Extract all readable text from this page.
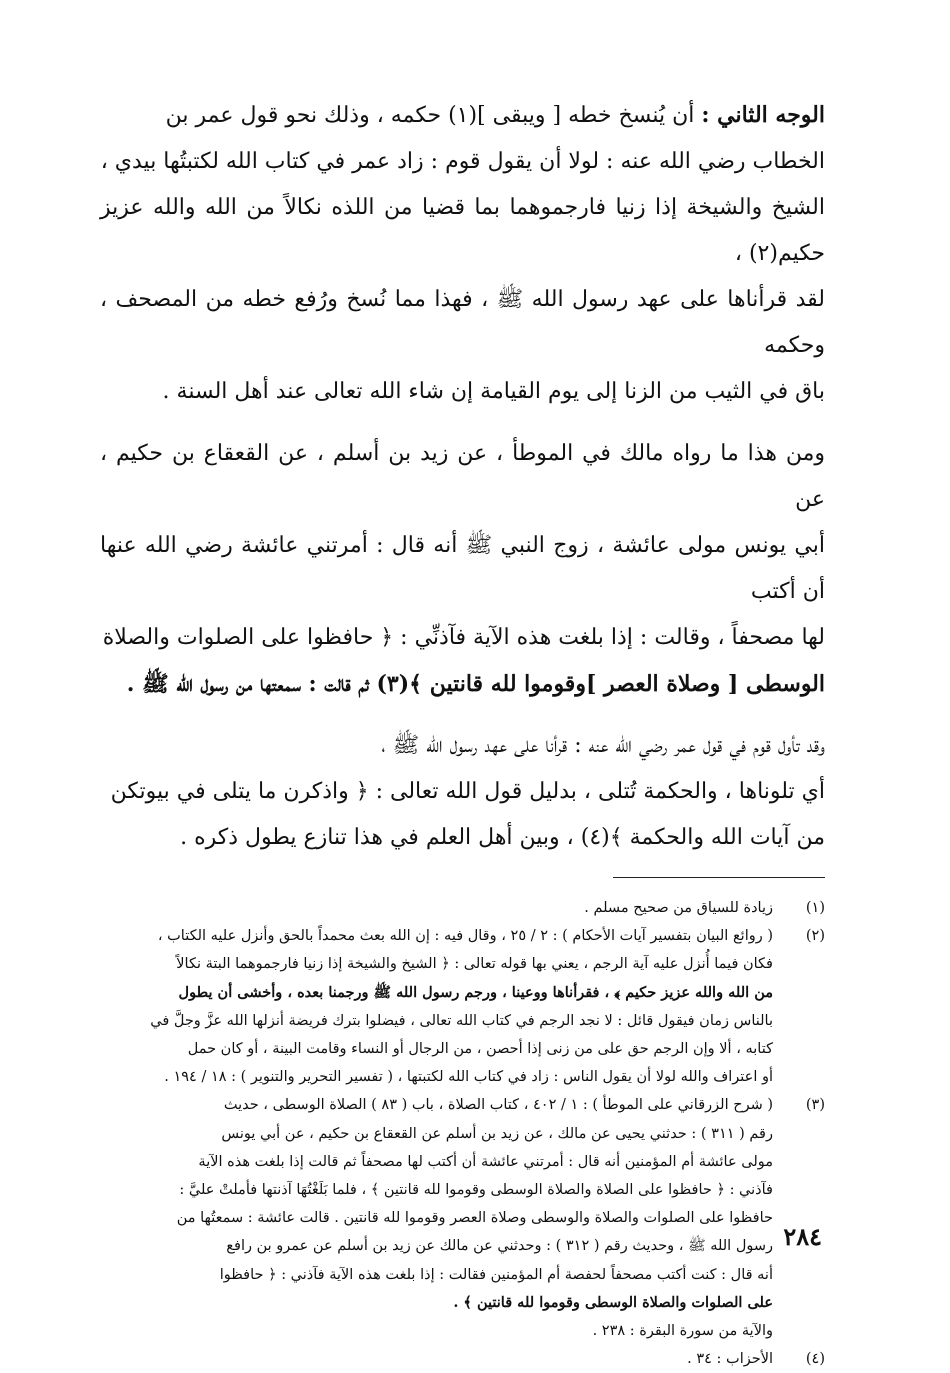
الوجه الثاني : أن يُنسخ خطه [ ويبقى ](١) حكمه ، وذلك نحو قول عمر بن
الخطاب رضي الله عنه : لولا أن يقول قوم : زاد عمر في كتاب الله لكتبتُها بيدي ،
الشيخ والشيخة إذا زنيا فارجموهما بما قضيا من اللذه نكالاً من الله والله عزيز حكيم(٢) ،
لقد قرأناها على عهد رسول الله ﷺ ، فهذا مما نُسخ ورُفع خطه من المصحف ، وحكمه
باق في الثيب من الزنا إلى يوم القيامة إن شاء الله تعالى عند أهل السنة .
ومن هذا ما رواه مالك في الموطأ ، عن زيد بن أسلم ، عن القعقاع بن حكيم ، عن
أبي يونس مولى عائشة ، زوج النبي ﷺ أنه قال : أمرتني عائشة رضي الله عنها أن أكتب
لها مصحفاً ، وقالت : إذا بلغت هذه الآية فآذنِّي : ﴿ حافظوا على الصلوات والصلاة
الوسطى [ وصلاة العصر ]وقوموا لله قانتين ﴾(٣) ثم قالت : سمعتها من رسول الله ﷺ .
وقد تأول قوم في قول عمر رضي الله عنه : قرأنا على عهد رسول الله ﷺ ،
أي تلوناها ، والحكمة تُتلى ، بدليل قول الله تعالى : ﴿ واذكرن ما يتلى في بيوتكن
من آيات الله والحكمة ﴾(٤) ، وبين أهل العلم في هذا تنازع يطول ذكره .
(١)
زيادة للسياق من صحيح مسلم .
(٢)
( روائع البيان بتفسير آيات الأحكام ) : ٢ / ٢٥ ، وقال فيه : إن الله بعث محمداً بالحق وأنزل عليه الكتاب ،
فكان فيما أُنزل عليه آية الرجم ، يعني بها قوله تعالى : ﴿ الشيخ والشيخة إذا زنيا فارجموهما البتة نكالاً
من الله والله عزيز حكيم ﴾ ، فقرأناها ووعينا ، ورجم رسول الله ﷺ ورجمنا بعده ، وأخشى أن يطول
بالناس زمان فيقول قائل : لا نجد الرجم في كتاب الله تعالى ، فيضلوا بترك فريضة أنزلها الله عزَّ وجلَّ في
كتابه ، ألا وإن الرجم حق على من زنى إذا أحصن ، من الرجال أو النساء وقامت البينة ، أو كان حمل
أو اعتراف والله لولا أن يقول الناس : زاد في كتاب الله لكتبتها ، ( تفسير التحرير والتنوير ) : ١٨ / ١٩٤ .
(٣)
( شرح الزرقاني على الموطأ ) : ١ / ٤٠٢ ، كتاب الصلاة ، باب ( ٨٣ ) الصلاة الوسطى ، حديث
رقم ( ٣١١ ) : حدثني يحيى عن مالك ، عن زيد بن أسلم عن القعقاع بن حكيم ، عن أبي يونس
مولى عائشة أم المؤمنين أنه قال : أمرتني عائشة أن أكتب لها مصحفاً ثم قالت إذا بلغت هذه الآية
فآذني : ﴿ حافظوا على الصلاة والصلاة الوسطى وقوموا لله قانتين ﴾ ، فلما بَلَغْتُهَا آذنتها فأملتْ عليَّ :
حافظوا على الصلوات والصلاة والوسطى وصلاة العصر وقوموا لله قانتين . قالت عائشة : سمعتُها من
رسول الله ﷺ ، وحديث رقم ( ٣١٢ ) : وحدثني عن مالك عن زيد بن أسلم عن عمرو بن رافع
أنه قال : كنت أكتب مصحفاً لحفصة أم المؤمنين فقالت : إذا بلغت هذه الآية فآذني : ﴿ حافظوا
على الصلوات والصلاة الوسطى وقوموا لله قانتين ﴾ .
والآية من سورة البقرة : ٢٣٨ .
(٤)
الأحزاب : ٣٤ .
٢٨٤
